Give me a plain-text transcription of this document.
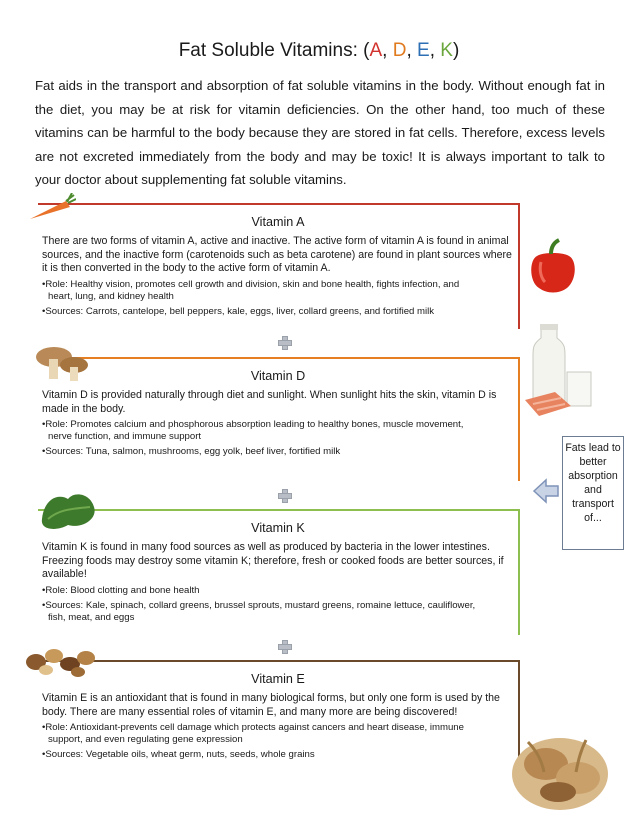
Fat Soluble Vitamins: (A, D, E, K)
Fat aids in the transport and absorption of fat soluble vitamins in the body. Without enough fat in the diet, you may be at risk for vitamin deficiencies. On the other hand, too much of these vitamins can be harmful to the body because they are stored in fat cells. Therefore, excess levels are not excreted immediately from the body and may be toxic! It is always important to talk to your doctor about supplementing fat soluble vitamins.
Vitamin A
There are two forms of vitamin A, active and inactive. The active form of vitamin A is found in animal sources, and the inactive form (carotenoids such as beta carotene) are found in plant sources where it is then converted in the body to the active form of vitamin A.
•Role: Healthy vision, promotes cell growth and division, skin and bone health, fights infection, and
heart, lung, and kidney health
•Sources: Carrots, cantelope, bell peppers, kale, eggs, liver, collard greens, and fortified milk
Vitamin D
Vitamin D is provided naturally through diet and sunlight. When sunlight hits the skin, vitamin D is made in the body.
•Role: Promotes calcium and phosphorous absorption leading to healthy bones, muscle movement,
nerve function, and immune support
•Sources: Tuna, salmon, mushrooms, egg yolk, beef liver, fortified milk
Vitamin K
Vitamin K is found in many food sources as well as produced by bacteria in the lower intestines. Freezing foods may destroy some vitamin K; therefore, fresh or cooked foods are better sources, if available!
•Role: Blood clotting and bone health
•Sources: Kale, spinach, collard greens, brussel sprouts, mustard greens, romaine lettuce, cauliflower,
fish, meat, and eggs
Vitamin E
Vitamin E is an antioxidant that is found in many biological forms, but only one form is used by the body. There are many essential roles of vitamin E, and many more are being discovered!
•Role: Antioxidant-prevents cell damage which protects against cancers and heart disease, immune
support, and even regulating gene expression
•Sources: Vegetable oils, wheat germ, nuts, seeds, whole grains
Fats lead to better absorption and transport of...
